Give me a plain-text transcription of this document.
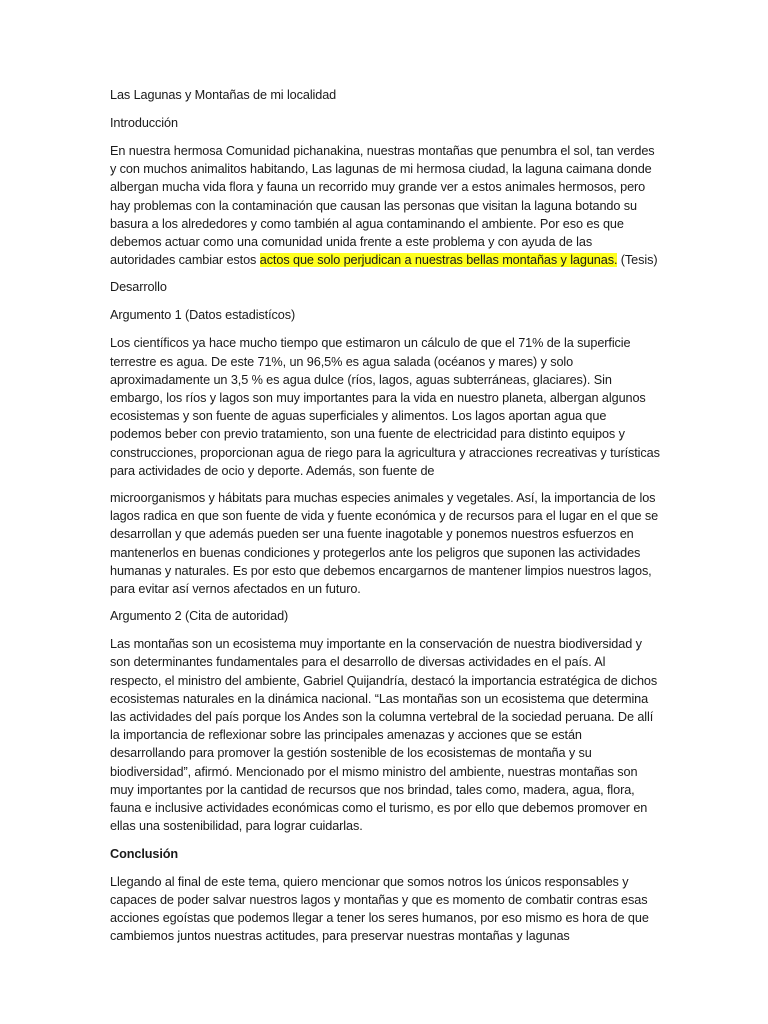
Las Lagunas y Montañas de mi localidad

Introducción

En nuestra hermosa Comunidad pichanakina, nuestras montañas que penumbra el sol, tan verdes y con muchos animalitos habitando, Las lagunas de mi hermosa ciudad, la laguna caimana donde albergan mucha vida flora y fauna un recorrido muy grande ver a estos animales hermosos, pero hay problemas con la contaminación que causan las personas que visitan la laguna botando su basura a los alrededores y como también al agua contaminando el ambiente. Por eso es que debemos actuar como una comunidad unida frente a este problema y con ayuda de las autoridades cambiar estos actos que solo perjudican a nuestras bellas montañas y lagunas. (Tesis)

Desarrollo

Argumento 1 (Datos estadistícos)

Los científicos ya hace mucho tiempo que estimaron un cálculo de que el 71% de la superficie terrestre es agua. De este 71%, un 96,5% es agua salada (océanos y mares) y solo aproximadamente un 3,5 % es agua dulce (ríos, lagos, aguas subterráneas, glaciares). Sin embargo, los ríos y lagos son muy importantes para la vida en nuestro planeta, albergan algunos ecosistemas y son fuente de aguas superficiales y alimentos. Los lagos aportan agua que podemos beber con previo tratamiento, son una fuente de electricidad para distinto equipos y construcciones, proporcionan agua de riego para la agricultura y atracciones recreativas y turísticas para actividades de ocio y deporte. Además, son fuente de
microorganismos y hábitats para muchas especies animales y vegetales. Así, la importancia de los lagos radica en que son fuente de vida y fuente económica y de recursos para el lugar en el que se desarrollan y que además pueden ser una fuente inagotable y ponemos nuestros esfuerzos en mantenerlos en buenas condiciones y protegerlos ante los peligros que suponen las actividades humanas y naturales. Es por esto que debemos encargarnos de mantener limpios nuestros lagos, para evitar así vernos afectados en un futuro.

Argumento 2 (Cita de autoridad)

Las montañas son un ecosistema muy importante en la conservación de nuestra biodiversidad y son determinantes fundamentales para el desarrollo de diversas actividades en el país. Al respecto, el ministro del ambiente, Gabriel Quijandría, destacó la importancia estratégica de dichos ecosistemas naturales en la dinámica nacional. “Las montañas son un ecosistema que determina las actividades del país porque los Andes son la columna vertebral de la sociedad peruana. De allí la importancia de reflexionar sobre las principales amenazas y acciones que se están desarrollando para promover la gestión sostenible de los ecosistemas de montaña y su biodiversidad”, afirmó. Mencionado por el mismo ministro del ambiente, nuestras montañas son muy importantes por la cantidad de recursos que nos brindad, tales como, madera, agua, flora, fauna e inclusive actividades económicas como el turismo, es por ello que debemos promover en ellas una sostenibilidad, para lograr cuidarlas.

Conclusión

Llegando al final de este tema, quiero mencionar que somos notros los únicos responsables y capaces de poder salvar nuestros lagos y montañas y que es momento de combatir contras esas acciones egoístas que podemos llegar a tener los seres humanos, por eso mismo es hora de que cambiemos juntos nuestras actitudes, para preservar nuestras montañas y lagunas
